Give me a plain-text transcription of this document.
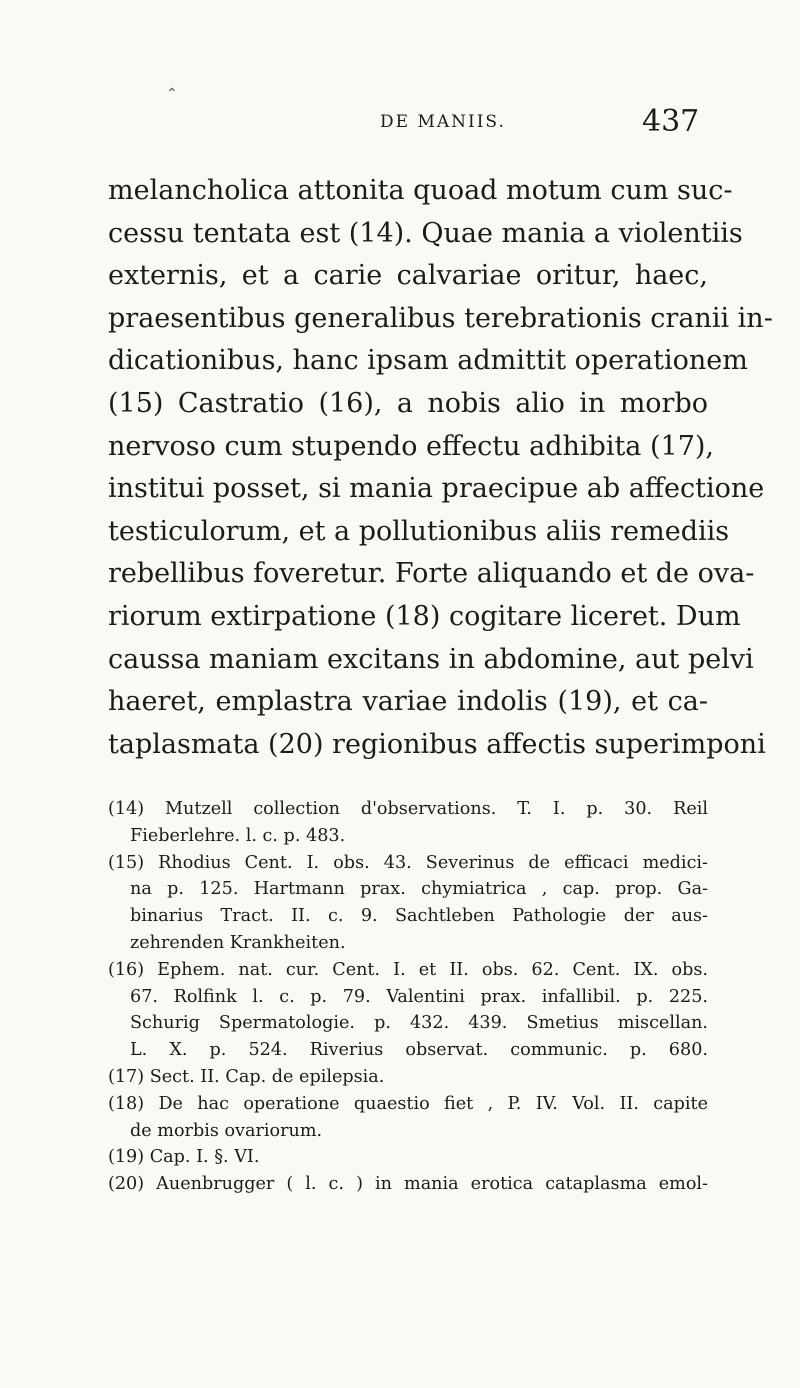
⌃
DE MANIIS.	437
melancholica attonita quoad motum cum suc-
cessu tentata est (14). Quae mania a violentiis
externis, et a carie calvariae oritur, haec,
praesentibus generalibus terebrationis cranii in-
dicationibus, hanc ipsam admittit operationem
(15) Castratio (16), a nobis alio in morbo
nervoso cum stupendo effectu adhibita (17),
institui posset, si mania praecipue ab affectione
testiculorum, et a pollutionibus aliis remediis
rebellibus foveretur. Forte aliquando et de ova-
riorum extirpatione (18) cogitare liceret. Dum
caussa maniam excitans in abdomine, aut pelvi
haeret, emplastra variae indolis (19), et ca-
taplasmata (20) regionibus affectis superimponi
(14) Mutzell collection d'observations. T. I. p. 30. Reil
Fieberlehre. l. c. p. 483.
(15) Rhodius Cent. I. obs. 43. Severinus de efficaci medici-
na p. 125. Hartmann prax. chymiatrica , cap. prop. Ga-
binarius Tract. II. c. 9. Sachtleben Pathologie der aus-
zehrenden Krankheiten.
(16) Ephem. nat. cur. Cent. I. et II. obs. 62. Cent. IX. obs.
67. Rolfink l. c. p. 79. Valentini prax. infallibil. p. 225.
Schurig Spermatologie. p. 432. 439. Smetius miscellan.
L. X. p. 524. Riverius observat. communic. p. 680.
(17) Sect. II. Cap. de epilepsia.
(18) De hac operatione quaestio fiet , P. IV. Vol. II. capite
de morbis ovariorum.
(19) Cap. I. §. VI.
(20) Auenbrugger ( l. c. ) in mania erotica cataplasma emol-
